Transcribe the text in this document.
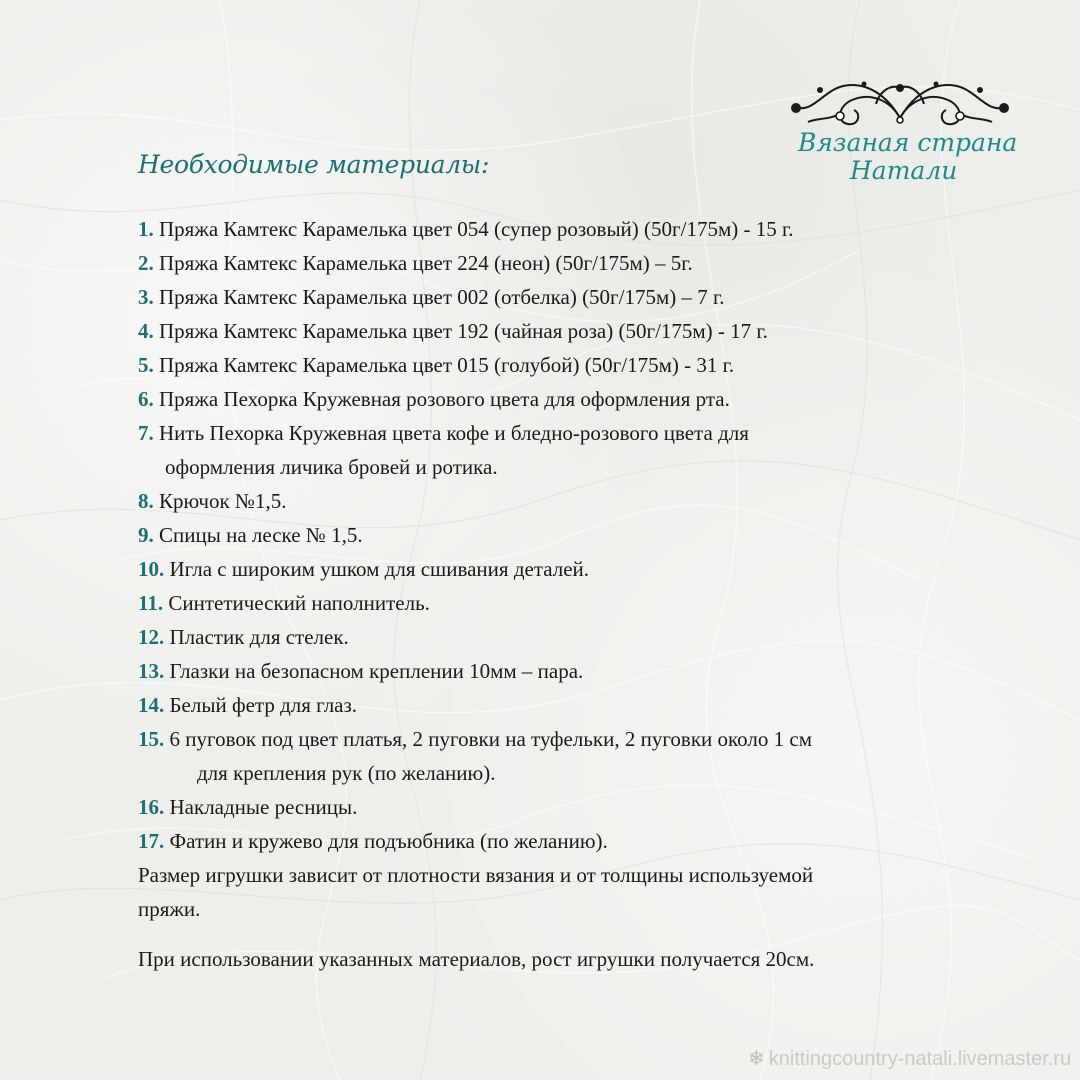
Вязаная страна
Натали
Необходимые материалы:
1. Пряжа Камтекс Карамелька цвет 054 (супер розовый) (50г/175м) - 15 г.
2. Пряжа Камтекс Карамелька цвет 224 (неон) (50г/175м) – 5г.
3. Пряжа Камтекс Карамелька цвет 002 (отбелка) (50г/175м) – 7 г.
4. Пряжа Камтекс Карамелька цвет 192 (чайная роза) (50г/175м) - 17 г.
5. Пряжа Камтекс Карамелька цвет 015 (голубой) (50г/175м) - 31 г.
6. Пряжа Пехорка Кружевная розового цвета для оформления рта.
7. Нить Пехорка Кружевная цвета кофе и бледно-розового цвета для
оформления личика бровей и ротика.
8. Крючок №1,5.
9. Спицы на леске № 1,5.
10. Игла с широким ушком для сшивания деталей.
11. Синтетический наполнитель.
12. Пластик для стелек.
13. Глазки на безопасном креплении 10мм – пара.
14. Белый фетр для глаз.
15. 6 пуговок под цвет платья, 2 пуговки на туфельки, 2 пуговки около 1 см
для крепления рук (по желанию).
16. Накладные ресницы.
17. Фатин и кружево для подъюбника (по желанию).
Размер игрушки зависит от плотности вязания и от толщины используемой
пряжи.
При использовании указанных материалов, рост игрушки получается 20см.
❄ knittingcountry-natali.livemaster.ru
